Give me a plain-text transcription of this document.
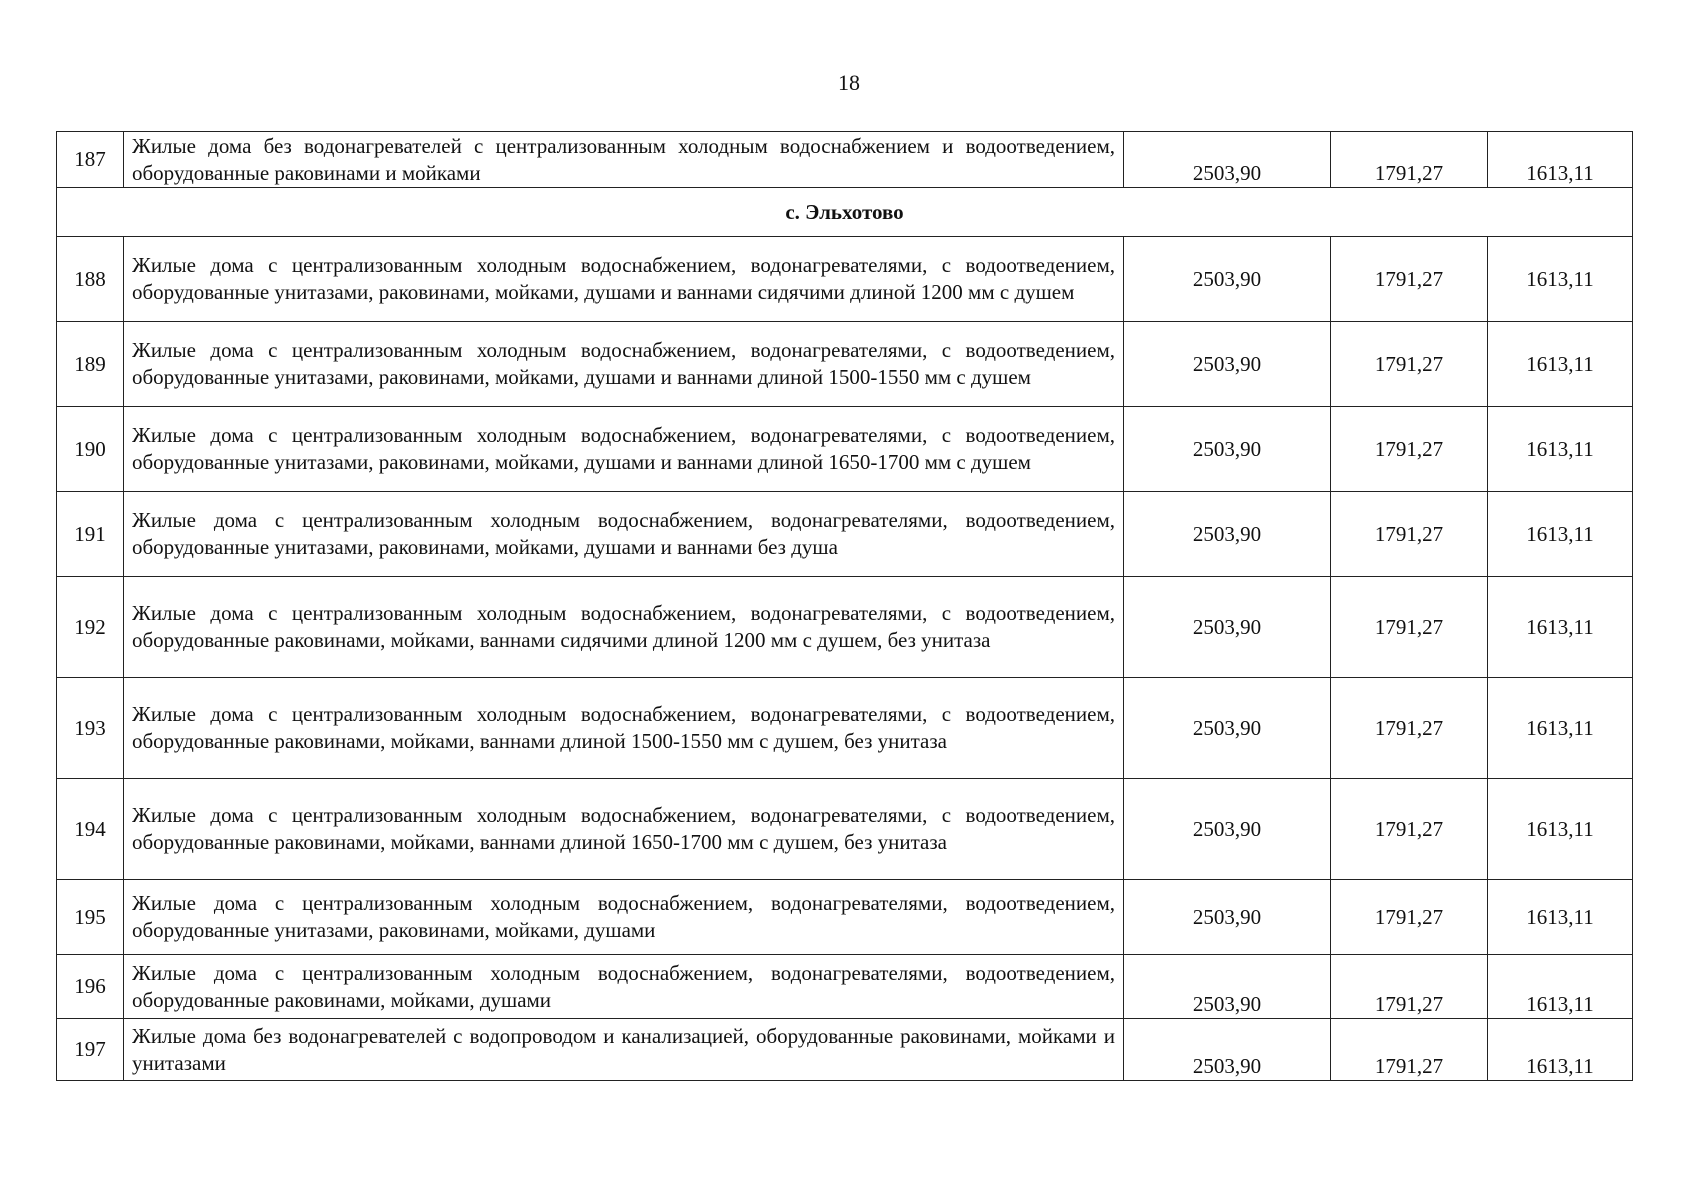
18
187	Жилые дома без водонагревателей с централизованным холодным водоснабжением и водоотведением, оборудованные раковинами и мойками	2503,90	1791,27	1613,11
с. Эльхотово				
188	Жилые дома с централизованным холодным водоснабжением, водонагревателями, с водоотведением, оборудованные унитазами, раковинами, мойками, душами и ваннами сидячими длиной 1200 мм с душем	2503,90	1791,27	1613,11
189	Жилые дома с централизованным холодным водоснабжением, водонагревателями, с водоотведением, оборудованные унитазами, раковинами, мойками, душами и ваннами длиной 1500-1550 мм с душем	2503,90	1791,27	1613,11
190	Жилые дома с централизованным холодным водоснабжением, водонагревателями, с водоотведением, оборудованные унитазами, раковинами, мойками, душами и ваннами длиной 1650-1700 мм с душем	2503,90	1791,27	1613,11
191	Жилые дома с централизованным холодным водоснабжением, водонагревателями, водоотведением, оборудованные унитазами, раковинами, мойками, душами и ваннами без душа	2503,90	1791,27	1613,11
192	Жилые дома с централизованным холодным водоснабжением, водонагревателями, с водоотведением, оборудованные раковинами, мойками, ваннами сидячими длиной 1200 мм с душем, без унитаза	2503,90	1791,27	1613,11
193	Жилые дома с централизованным холодным водоснабжением, водонагревателями, с водоотведением, оборудованные раковинами, мойками, ваннами длиной 1500-1550 мм с душем, без унитаза	2503,90	1791,27	1613,11
194	Жилые дома с централизованным холодным водоснабжением, водонагревателями, с водоотведением, оборудованные раковинами, мойками, ваннами длиной 1650-1700 мм с душем, без унитаза	2503,90	1791,27	1613,11
195	Жилые дома с централизованным холодным водоснабжением, водонагревателями, водоотведением, оборудованные унитазами, раковинами, мойками, душами	2503,90	1791,27	1613,11
196	Жилые дома с централизованным холодным водоснабжением, водонагревателями, водоотведением, оборудованные раковинами, мойками, душами	2503,90	1791,27	1613,11
197	Жилые дома без водонагревателей с водопроводом и канализацией, оборудованные раковинами, мойками и унитазами	2503,90	1791,27	1613,11
